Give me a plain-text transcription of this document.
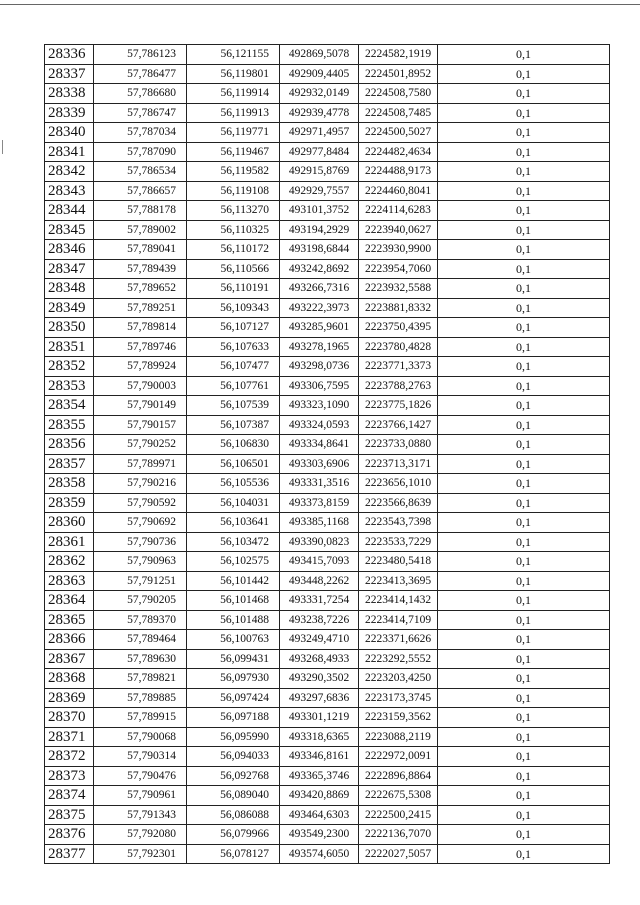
28336	57,786123	56,121155	492869,5078	2224582,1919	0,1
28337	57,786477	56,119801	492909,4405	2224501,8952	0,1
28338	57,786680	56,119914	492932,0149	2224508,7580	0,1
28339	57,786747	56,119913	492939,4778	2224508,7485	0,1
28340	57,787034	56,119771	492971,4957	2224500,5027	0,1
28341	57,787090	56,119467	492977,8484	2224482,4634	0,1
28342	57,786534	56,119582	492915,8769	2224488,9173	0,1
28343	57,786657	56,119108	492929,7557	2224460,8041	0,1
28344	57,788178	56,113270	493101,3752	2224114,6283	0,1
28345	57,789002	56,110325	493194,2929	2223940,0627	0,1
28346	57,789041	56,110172	493198,6844	2223930,9900	0,1
28347	57,789439	56,110566	493242,8692	2223954,7060	0,1
28348	57,789652	56,110191	493266,7316	2223932,5588	0,1
28349	57,789251	56,109343	493222,3973	2223881,8332	0,1
28350	57,789814	56,107127	493285,9601	2223750,4395	0,1
28351	57,789746	56,107633	493278,1965	2223780,4828	0,1
28352	57,789924	56,107477	493298,0736	2223771,3373	0,1
28353	57,790003	56,107761	493306,7595	2223788,2763	0,1
28354	57,790149	56,107539	493323,1090	2223775,1826	0,1
28355	57,790157	56,107387	493324,0593	2223766,1427	0,1
28356	57,790252	56,106830	493334,8641	2223733,0880	0,1
28357	57,789971	56,106501	493303,6906	2223713,3171	0,1
28358	57,790216	56,105536	493331,3516	2223656,1010	0,1
28359	57,790592	56,104031	493373,8159	2223566,8639	0,1
28360	57,790692	56,103641	493385,1168	2223543,7398	0,1
28361	57,790736	56,103472	493390,0823	2223533,7229	0,1
28362	57,790963	56,102575	493415,7093	2223480,5418	0,1
28363	57,791251	56,101442	493448,2262	2223413,3695	0,1
28364	57,790205	56,101468	493331,7254	2223414,1432	0,1
28365	57,789370	56,101488	493238,7226	2223414,7109	0,1
28366	57,789464	56,100763	493249,4710	2223371,6626	0,1
28367	57,789630	56,099431	493268,4933	2223292,5552	0,1
28368	57,789821	56,097930	493290,3502	2223203,4250	0,1
28369	57,789885	56,097424	493297,6836	2223173,3745	0,1
28370	57,789915	56,097188	493301,1219	2223159,3562	0,1
28371	57,790068	56,095990	493318,6365	2223088,2119	0,1
28372	57,790314	56,094033	493346,8161	2222972,0091	0,1
28373	57,790476	56,092768	493365,3746	2222896,8864	0,1
28374	57,790961	56,089040	493420,8869	2222675,5308	0,1
28375	57,791343	56,086088	493464,6303	2222500,2415	0,1
28376	57,792080	56,079966	493549,2300	2222136,7070	0,1
28377	57,792301	56,078127	493574,6050	2222027,5057	0,1
